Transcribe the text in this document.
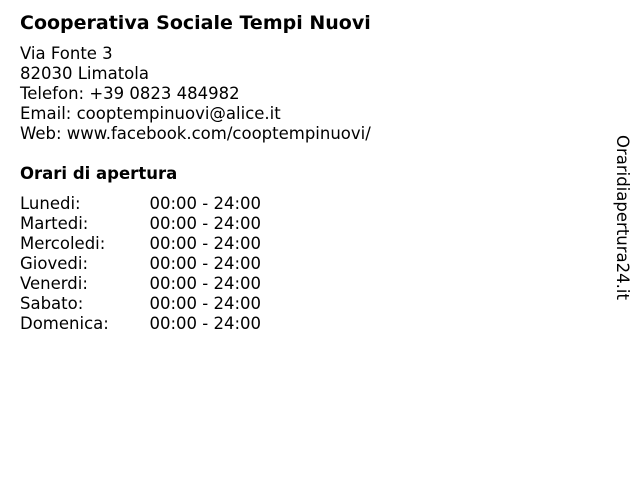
Cooperativa Sociale Tempi Nuovi
Via Fonte 3
82030 Limatola
Telefon: +39 0823 484982
Email: cooptempinuovi@alice.it
Web: www.facebook.com/cooptempinuovi/
Orari di apertura
Lunedi:	00:00 - 24:00
Martedi:	00:00 - 24:00
Mercoledi:	00:00 - 24:00
Giovedi:	00:00 - 24:00
Venerdi:	00:00 - 24:00
Sabato:	00:00 - 24:00
Domenica: 00:00 - 24:00
Oraridiapertura24.it
